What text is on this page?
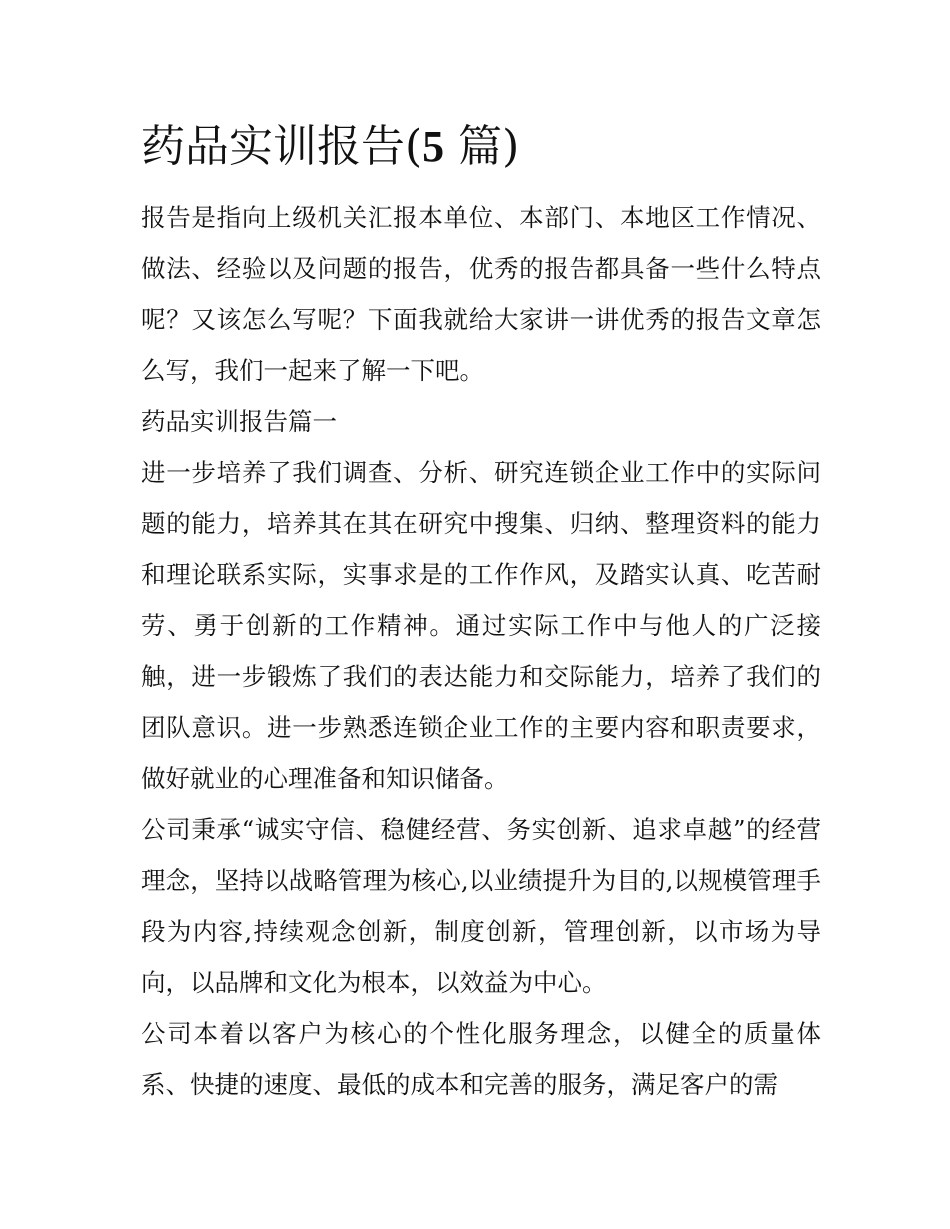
药品实训报告(5 篇)

报告是指向上级机关汇报本单位、本部门、本地区工作情况、做法、经验以及问题的报告，优秀的报告都具备一些什么特点呢？又该怎么写呢？下面我就给大家讲一讲优秀的报告文章怎么写，我们一起来了解一下吧。

药品实训报告篇一

进一步培养了我们调查、分析、研究连锁企业工作中的实际问题的能力，培养其在其在研究中搜集、归纳、整理资料的能力和理论联系实际，实事求是的工作作风，及踏实认真、吃苦耐劳、勇于创新的工作精神。通过实际工作中与他人的广泛接触，进一步锻炼了我们的表达能力和交际能力，培养了我们的团队意识。进一步熟悉连锁企业工作的主要内容和职责要求，做好就业的心理准备和知识储备。

公司秉承“诚实守信、稳健经营、务实创新、追求卓越”的经营理念，坚持以战略管理为核心,以业绩提升为目的,以规模管理手段为内容,持续观念创新，制度创新，管理创新，以市场为导向，以品牌和文化为根本，以效益为中心。

公司本着以客户为核心的个性化服务理念，以健全的质量体系、快捷的速度、最低的成本和完善的服务，满足客户的需
